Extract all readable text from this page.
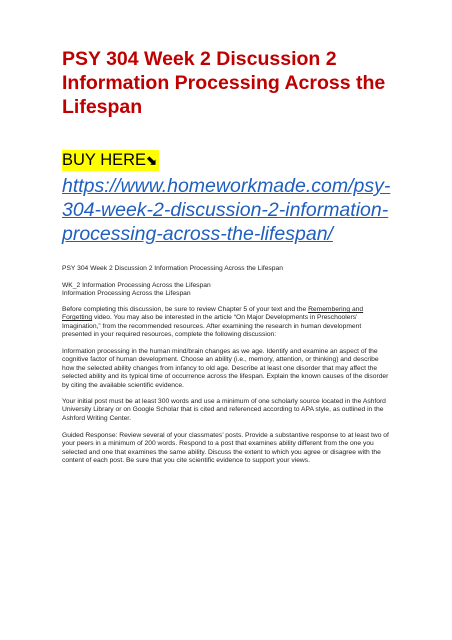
PSY 304 Week 2 Discussion 2
Information Processing Across the
Lifespan
BUY HERE⬊
https://www.homeworkmade.com/psy-
304-week-2-discussion-2-information-
processing-across-the-lifespan/

PSY 304 Week 2 Discussion 2 Information Processing Across the Lifespan

WK_2 Information Processing Across the Lifespan
Information Processing Across the Lifespan

Before completing this discussion, be sure to review Chapter 5 of your text and the Remembering and
Forgetting video. You may also be interested in the article “On Major Developments in Preschoolers’
Imagination,” from the recommended resources. After examining the research in human development
presented in your required resources, complete the following discussion:

Information processing in the human mind/brain changes as we age. Identify and examine an aspect of the
cognitive factor of human development. Choose an ability (i.e., memory, attention, or thinking) and describe
how the selected ability changes from infancy to old age. Describe at least one disorder that may affect the
selected ability and its typical time of occurrence across the lifespan. Explain the known causes of the disorder
by citing the available scientific evidence.

Your initial post must be at least 300 words and use a minimum of one scholarly source located in the Ashford
University Library or on Google Scholar that is cited and referenced according to APA style, as outlined in the
Ashford Writing Center.

Guided Response: Review several of your classmates’ posts. Provide a substantive response to at least two of
your peers in a minimum of 200 words. Respond to a post that examines ability different from the one you
selected and one that examines the same ability. Discuss the extent to which you agree or disagree with the
content of each post. Be sure that you cite scientific evidence to support your views.
